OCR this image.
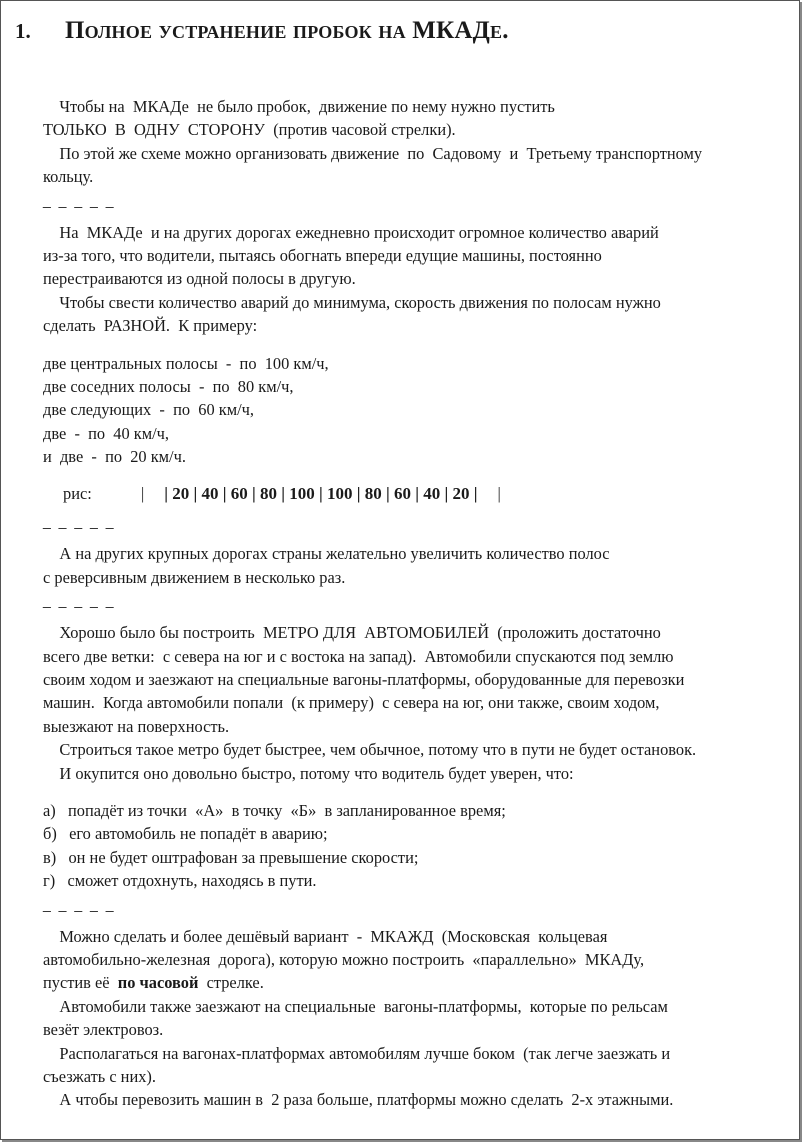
1.	Полное устранение пробок на МКАДе.
Чтобы на  МКАДе  не было пробок,  движение по нему нужно пустить
ТОЛЬКО  В  ОДНУ  СТОРОНУ  (против часовой стрелки).
По этой же схеме можно организовать движение  по  Садовому  и  Третьему транспортному
кольцу.
_ _ _ _ _
На  МКАДе  и на других дорогах ежедневно происходит огромное количество аварий
из-за того, что водители, пытаясь обогнать впереди едущие машины, постоянно
перестраиваются из одной полосы в другую.
Чтобы свести количество аварий до минимума, скорость движения по полосам нужно
сделать  РАЗНОЙ.  К примеру:
две центральных полосы  -  по  100 км/ч,
две соседних полосы  -  по  80 км/ч,
две следующих  -  по  60 км/ч,
две  -  по  40 км/ч,
и  две  -  по  20 км/ч.
рис:	| | 20 | 40 | 60 | 80 | 100 | 100 | 80 | 60 | 40 | 20 | |
_ _ _ _ _
А на других крупных дорогах страны желательно увеличить количество полос
с реверсивным движением в несколько раз.
_ _ _ _ _
Хорошо было бы построить  МЕТРО ДЛЯ  АВТОМОБИЛЕЙ  (проложить достаточно
всего две ветки:  с севера на юг и с востока на запад).  Автомобили спускаются под землю
своим ходом и заезжают на специальные вагоны-платформы, оборудованные для перевозки
машин.  Когда автомобили попали  (к примеру)  с севера на юг, они также, своим ходом,
выезжают на поверхность.
Строиться такое метро будет быстрее, чем обычное, потому что в пути не будет остановок.
И окупится оно довольно быстро, потому что водитель будет уверен, что:
а)   попадёт из точки  «А»  в точку  «Б»  в запланированное время;
б)   его автомобиль не попадёт в аварию;
в)   он не будет оштрафован за превышение скорости;
г)   сможет отдохнуть, находясь в пути.
_ _ _ _ _
Можно сделать и более дешёвый вариант  -  МКАЖД  (Московская  кольцевая
автомобильно-железная  дорога), которую можно построить  «параллельно»  МКАДу,
пустив её  по часовой  стрелке.
Автомобили также заезжают на специальные  вагоны-платформы,  которые по рельсам
везёт электровоз.
Располагаться на вагонах-платформах автомобилям лучше боком  (так легче заезжать и
съезжать с них).
А чтобы перевозить машин в  2 раза больше, платформы можно сделать  2-х этажными.
